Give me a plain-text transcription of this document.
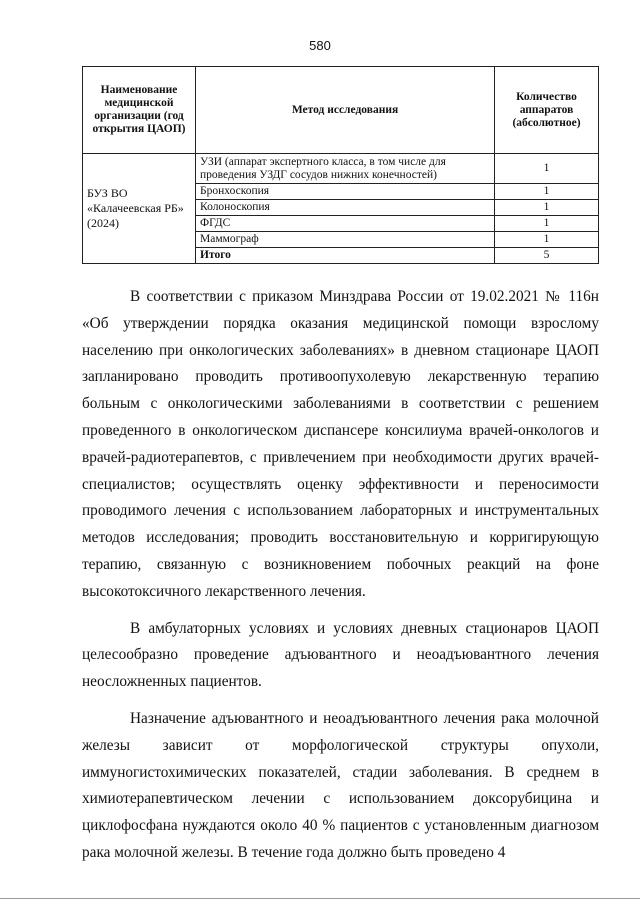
580
Наименование медицинской организации (год открытия ЦАОП)	Метод исследования	Количество аппаратов (абсолютное)
БУЗ ВО «Калачеевская РБ» (2024)	УЗИ (аппарат экспертного класса, в том числе для проведения УЗДГ сосудов нижних конечностей)	1
	Бронхоскопия	1
	Колоноскопия	1
	ФГДС	1
	Маммограф	1
	Итого	5

В соответствии с приказом Минздрава России от 19.02.2021 № 116н «Об утверждении порядка оказания медицинской помощи взрослому населению при онкологических заболеваниях» в дневном стационаре ЦАОП запланировано проводить противоопухолевую лекарственную терапию больным с онкологическими заболеваниями в соответствии с решением проведенного в онкологическом диспансере консилиума врачей-онкологов и врачей-радиотерапевтов, с привлечением при необходимости других врачей-специалистов; осуществлять оценку эффективности и переносимости проводимого лечения с использованием лабораторных и инструментальных методов исследования; проводить восстановительную и корригирующую терапию, связанную с возникновением побочных реакций на фоне высокотоксичного лекарственного лечения.

В амбулаторных условиях и условиях дневных стационаров ЦАОП целесообразно проведение адъювантного и неоадъювантного лечения неосложненных пациентов.

Назначение адъювантного и неоадъювантного лечения рака молочной железы зависит от морфологической структуры опухоли, иммуногистохимических показателей, стадии заболевания. В среднем в химиотерапевтическом лечении с использованием доксорубицина и циклофосфана нуждаются около 40 % пациентов с установленным диагнозом рака молочной железы. В течение года должно быть проведено 4
